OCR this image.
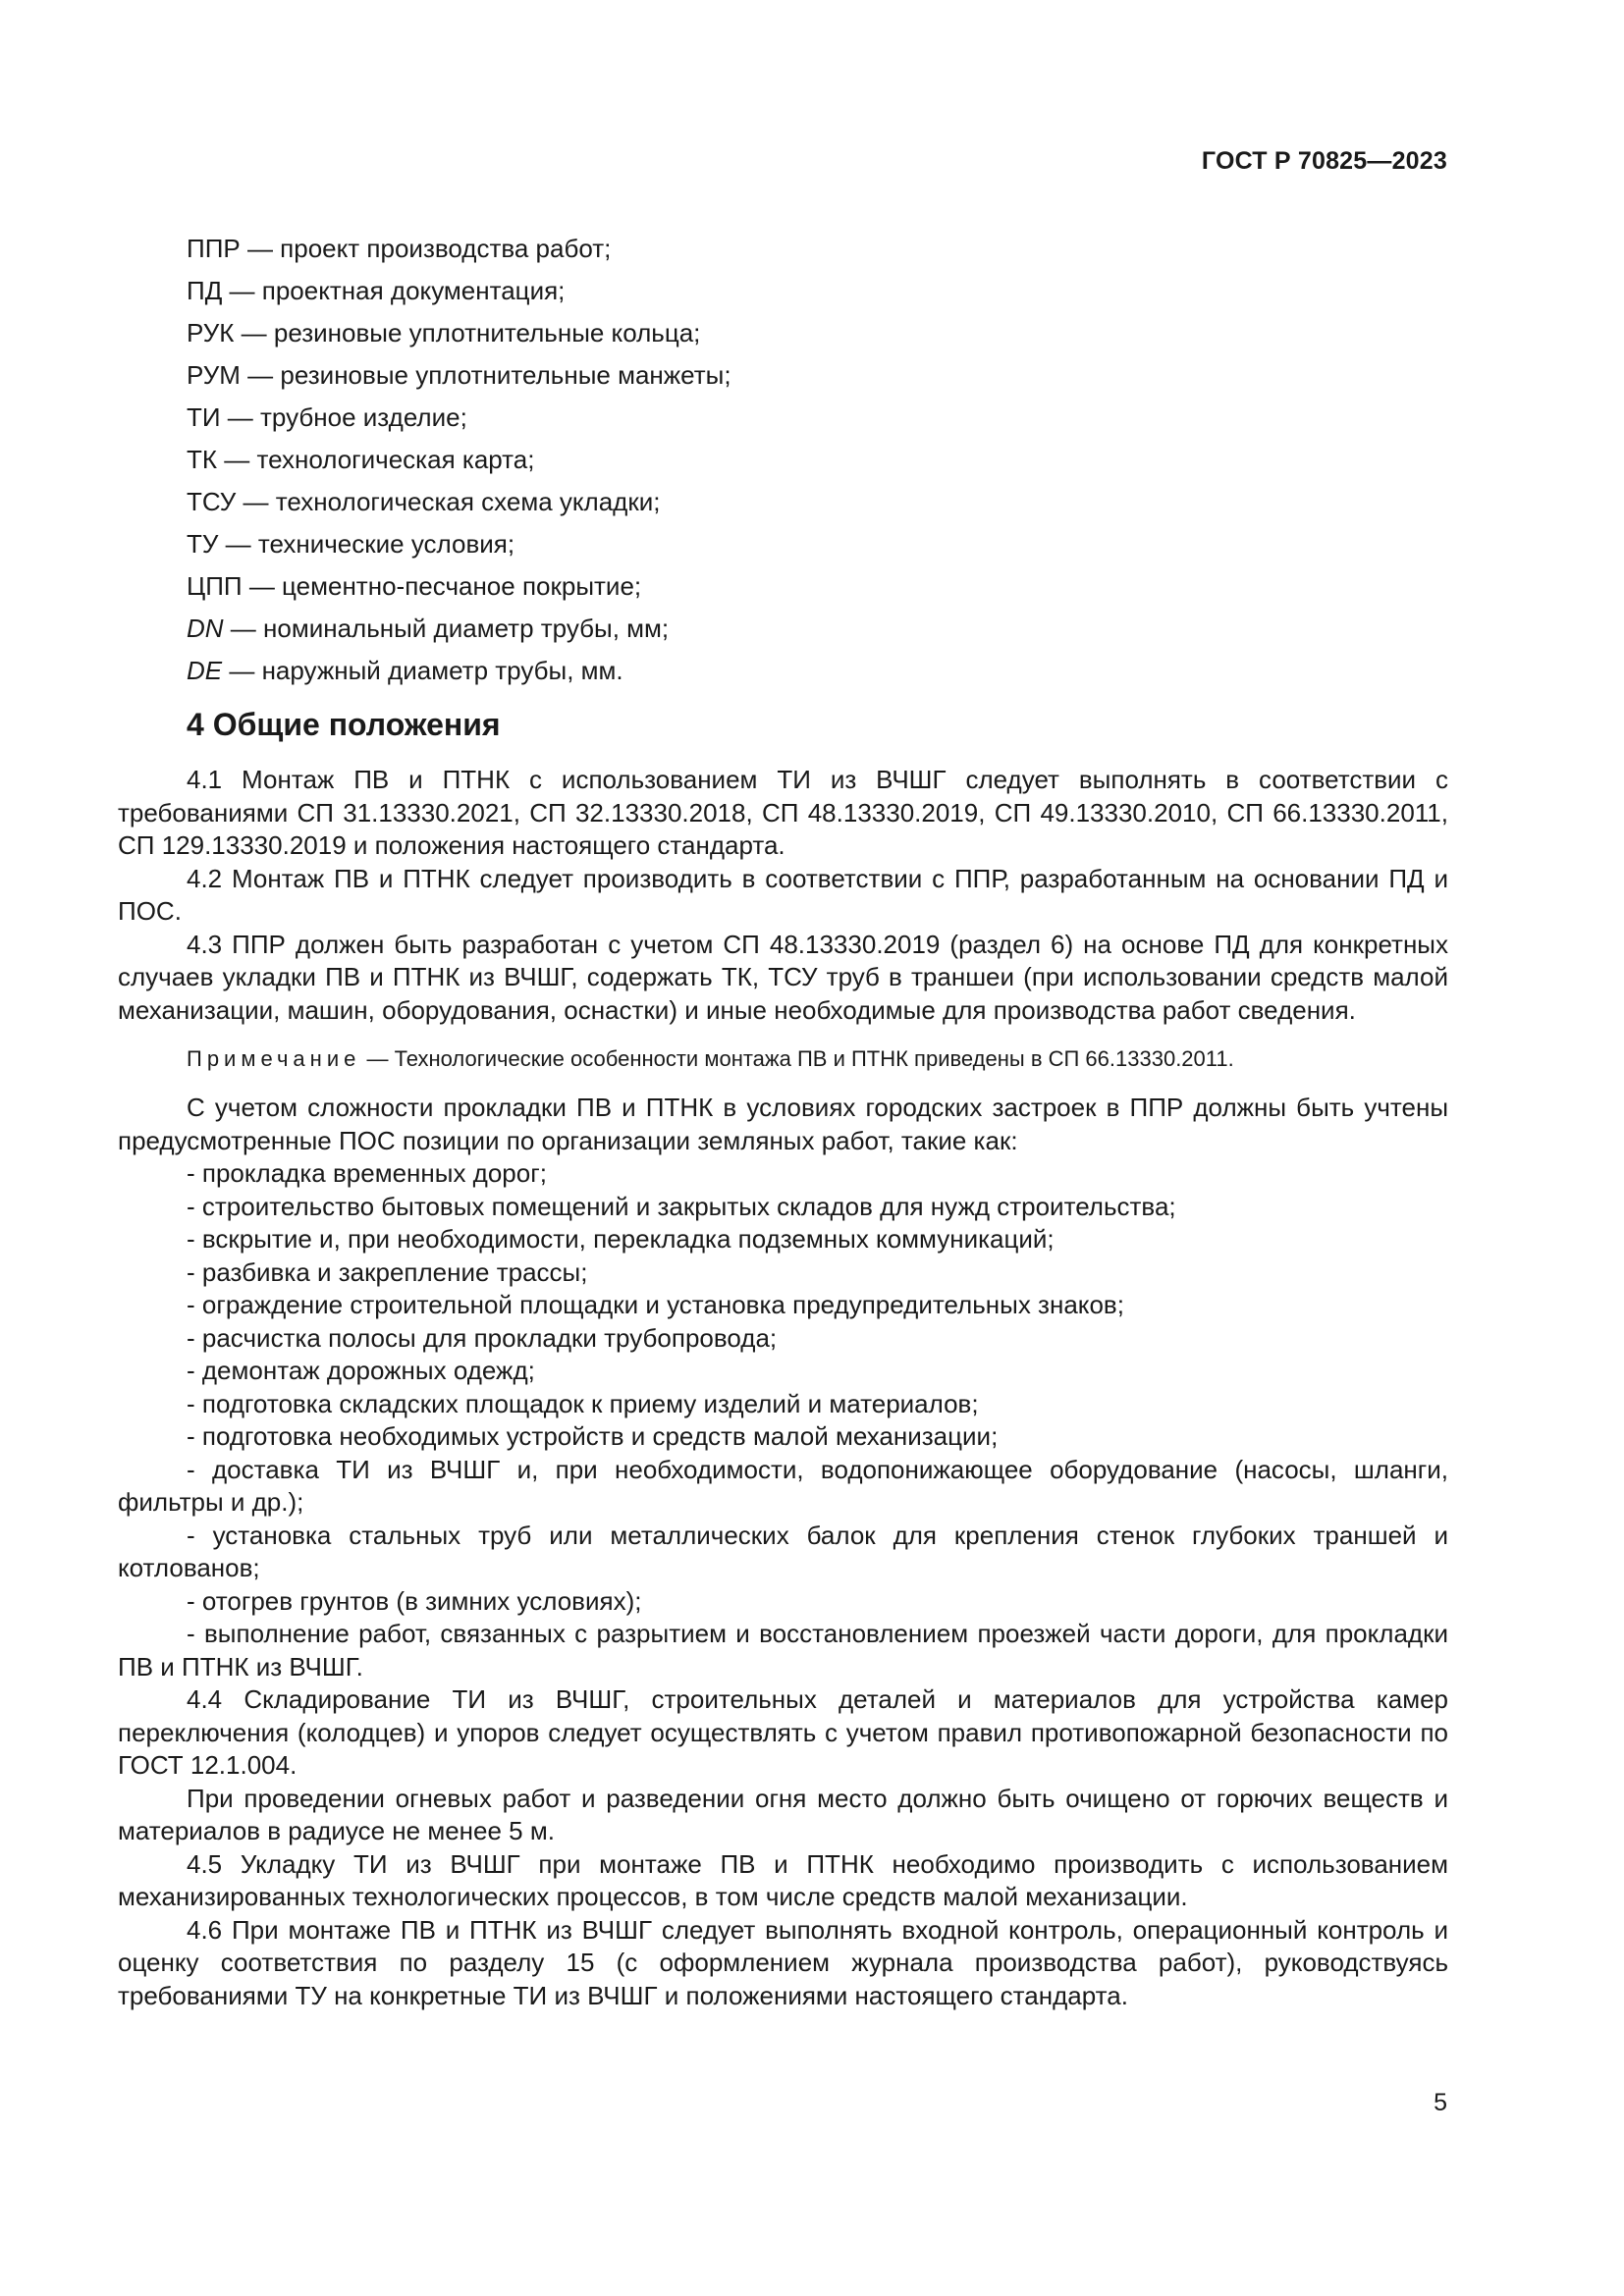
ГОСТ Р 70825—2023
ППР — проект производства работ;
ПД — проектная документация;
РУК — резиновые уплотнительные кольца;
РУМ — резиновые уплотнительные манжеты;
ТИ — трубное изделие;
ТК — технологическая карта;
ТСУ — технологическая схема укладки;
ТУ — технические условия;
ЦПП — цементно-песчаное покрытие;
DN — номинальный диаметр трубы, мм;
DE — наружный диаметр трубы, мм.
4 Общие положения

4.1 Монтаж ПВ и ПТНК с использованием ТИ из ВЧШГ следует выполнять в соответствии с требованиями СП 31.13330.2021, СП 32.13330.2018, СП 48.13330.2019, СП 49.13330.2010, СП 66.13330.2011, СП 129.13330.2019 и положения настоящего стандарта.

4.2 Монтаж ПВ и ПТНК следует производить в соответствии с ППР, разработанным на основании ПД и ПОС.

4.3 ППР должен быть разработан с учетом СП 48.13330.2019 (раздел 6) на основе ПД для конкретных случаев укладки ПВ и ПТНК из ВЧШГ, содержать ТК, ТСУ труб в траншеи (при использовании средств малой механизации, машин, оборудования, оснастки) и иные необходимые для производства работ сведения.

Примечание — Технологические особенности монтажа ПВ и ПТНК приведены в СП 66.13330.2011.

С учетом сложности прокладки ПВ и ПТНК в условиях городских застроек в ППР должны быть учтены предусмотренные ПОС позиции по организации земляных работ, такие как:

- прокладка временных дорог;
- строительство бытовых помещений и закрытых складов для нужд строительства;
- вскрытие и, при необходимости, перекладка подземных коммуникаций;
- разбивка и закрепление трассы;
- ограждение строительной площадки и установка предупредительных знаков;
- расчистка полосы для прокладки трубопровода;
- демонтаж дорожных одежд;
- подготовка складских площадок к приему изделий и материалов;
- подготовка необходимых устройств и средств малой механизации;
- доставка ТИ из ВЧШГ и, при необходимости, водопонижающее оборудование (насосы, шланги, фильтры и др.);
- установка стальных труб или металлических балок для крепления стенок глубоких траншей и котлованов;
- отогрев грунтов (в зимних условиях);
- выполнение работ, связанных с разрытием и восстановлением проезжей части дороги, для прокладки ПВ и ПТНК из ВЧШГ.

4.4 Складирование ТИ из ВЧШГ, строительных деталей и материалов для устройства камер переключения (колодцев) и упоров следует осуществлять с учетом правил противопожарной безопасности по ГОСТ 12.1.004.

При проведении огневых работ и разведении огня место должно быть очищено от горючих веществ и материалов в радиусе не менее 5 м.

4.5 Укладку ТИ из ВЧШГ при монтаже ПВ и ПТНК необходимо производить с использованием механизированных технологических процессов, в том числе средств малой механизации.

4.6 При монтаже ПВ и ПТНК из ВЧШГ следует выполнять входной контроль, операционный контроль и оценку соответствия по разделу 15 (с оформлением журнала производства работ), руководствуясь требованиями ТУ на конкретные ТИ из ВЧШГ и положениями настоящего стандарта.

5
